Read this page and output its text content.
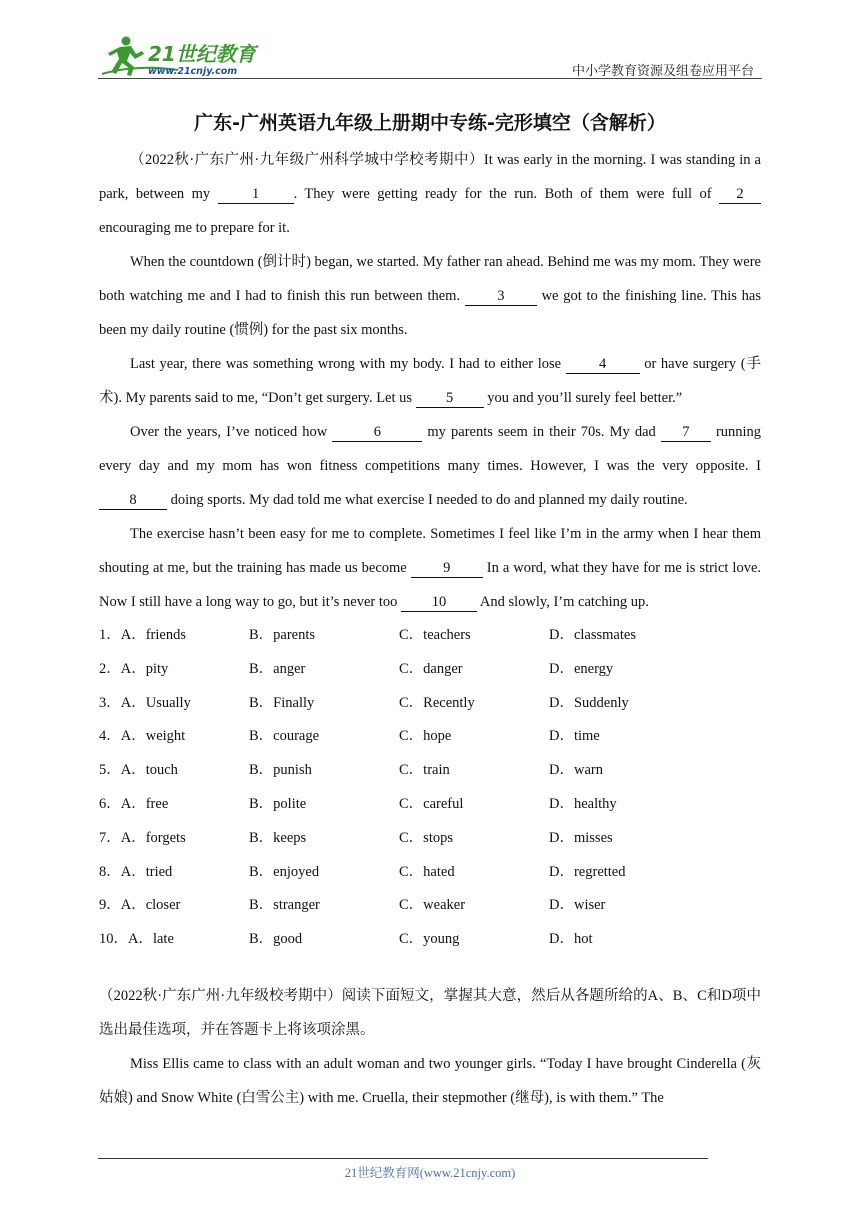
21世纪教育
www.21cnjy.com	中小学教育资源及组卷应用平台
广东-广州英语九年级上册期中专练-完形填空（含解析）

（2022秋·广东广州·九年级广州科学城中学校考期中）It was early in the morning. I was standing in a park, between my	1 . They were getting ready for the run. Both of them were full of 2 encouraging me to prepare for it.

When the countdown (倒计时) began, we started. My father ran ahead. Behind me was my mom. They were both watching me and I had to finish this run between them.	3	we got to the finishing line. This has been my daily routine (惯例) for the past six months.

Last year, there was something wrong with my body. I had to either lose	4	or have surgery (手术). My parents said to me, “Don’t get surgery. Let us 5 you and you’ll surely feel better.”

Over the years, I’ve noticed how	6	my parents seem in their 70s. My dad 7 running every day and my mom has won fitness competitions many times. However, I was the very opposite. I 8 doing sports. My dad told me what exercise I needed to do and planned my daily routine.

The exercise hasn’t been easy for me to complete. Sometimes I feel like I’m in the army when I hear them shouting at me, but the training has made us become	9	In a word, what they have for me is strict love. Now I still have a long way to go, but it’s never too 10 And slowly, I’m catching up.

1．A．friends	B．parents	C．teachers	D．classmates
2．A．pity	B．anger	C．danger	D．energy
3．A．Usually	B．Finally	C．Recently	D．Suddenly
4．A．weight	B．courage	C．hope	D．time
5．A．touch	B．punish	C．train	D．warn
6．A．free	B．polite	C．careful	D．healthy
7．A．forgets	B．keeps	C．stops	D．misses
8．A．tried	B．enjoyed	C．hated	D．regretted
9．A．closer	B．stranger	C．weaker	D．wiser
10．A．late	B．good	C．young	D．hot

（2022秋·广东广州·九年级校考期中）阅读下面短文，掌握其大意，然后从各题所给的A、B、C和D项中选出最佳选项，并在答题卡上将该项涂黑。

Miss Ellis came to class with an adult woman and two younger girls. “Today I have brought Cinderella (灰姑娘) and Snow White (白雪公主) with me. Cruella, their stepmother (继母), is with them.” The

21世纪教育网(www.21cnjy.com)
